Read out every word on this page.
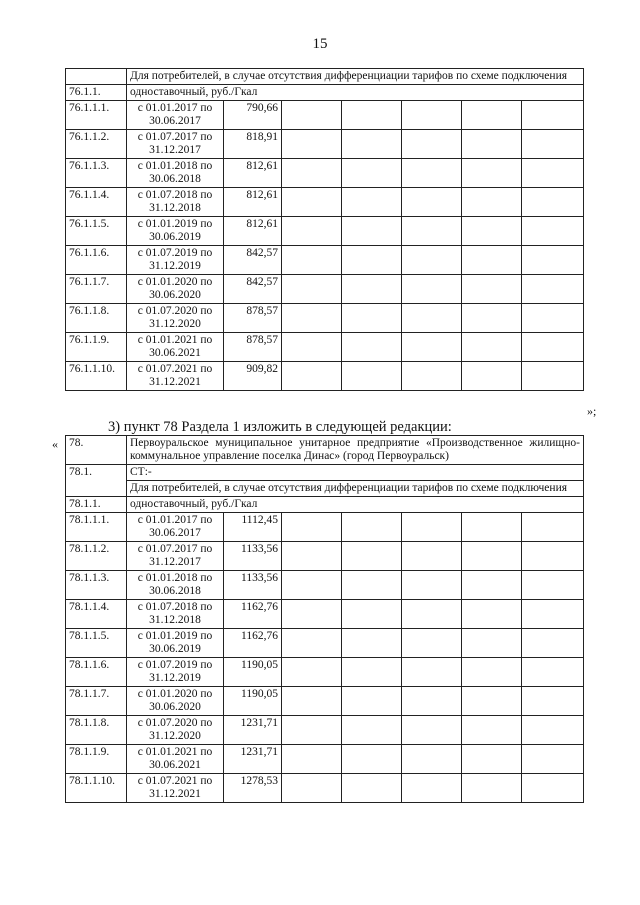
15
	Для потребителей, в случае отсутствия дифференциации тарифов по схеме подключения						
76.1.1.	одноставочный, руб./Гкал						
76.1.1.1.	с 01.01.2017 по 30.06.2017	790,66					
76.1.1.2.	с 01.07.2017 по 31.12.2017	818,91					
76.1.1.3.	с 01.01.2018 по 30.06.2018	812,61					
76.1.1.4.	с 01.07.2018 по 31.12.2018	812,61					
76.1.1.5.	с 01.01.2019 по 30.06.2019	812,61					
76.1.1.6.	с 01.07.2019 по 31.12.2019	842,57					
76.1.1.7.	с 01.01.2020 по 30.06.2020	842,57					
76.1.1.8.	с 01.07.2020 по 31.12.2020	878,57					
76.1.1.9.	с 01.01.2021 по 30.06.2021	878,57					
76.1.1.10.	с 01.07.2021 по 31.12.2021	909,82					
»;
3) пункт 78 Раздела 1 изложить в следующей редакции:
« 78.	Первоуральское муниципальное унитарное предприятие «Производственное жилищно-коммунальное управление поселка Динас» (город Первоуральск)						
78.1.	СТ:-						
	Для потребителей, в случае отсутствия дифференциации тарифов по схеме подключения						
78.1.1.	одноставочный, руб./Гкал						
78.1.1.1.	с 01.01.2017 по 30.06.2017	1112,45					
78.1.1.2.	с 01.07.2017 по 31.12.2017	1133,56					
78.1.1.3.	с 01.01.2018 по 30.06.2018	1133,56					
78.1.1.4.	с 01.07.2018 по 31.12.2018	1162,76					
78.1.1.5.	с 01.01.2019 по 30.06.2019	1162,76					
78.1.1.6.	с 01.07.2019 по 31.12.2019	1190,05					
78.1.1.7.	с 01.01.2020 по 30.06.2020	1190,05					
78.1.1.8.	с 01.07.2020 по 31.12.2020	1231,71					
78.1.1.9.	с 01.01.2021 по 30.06.2021	1231,71					
78.1.1.10.	с 01.07.2021 по 31.12.2021	1278,53					
